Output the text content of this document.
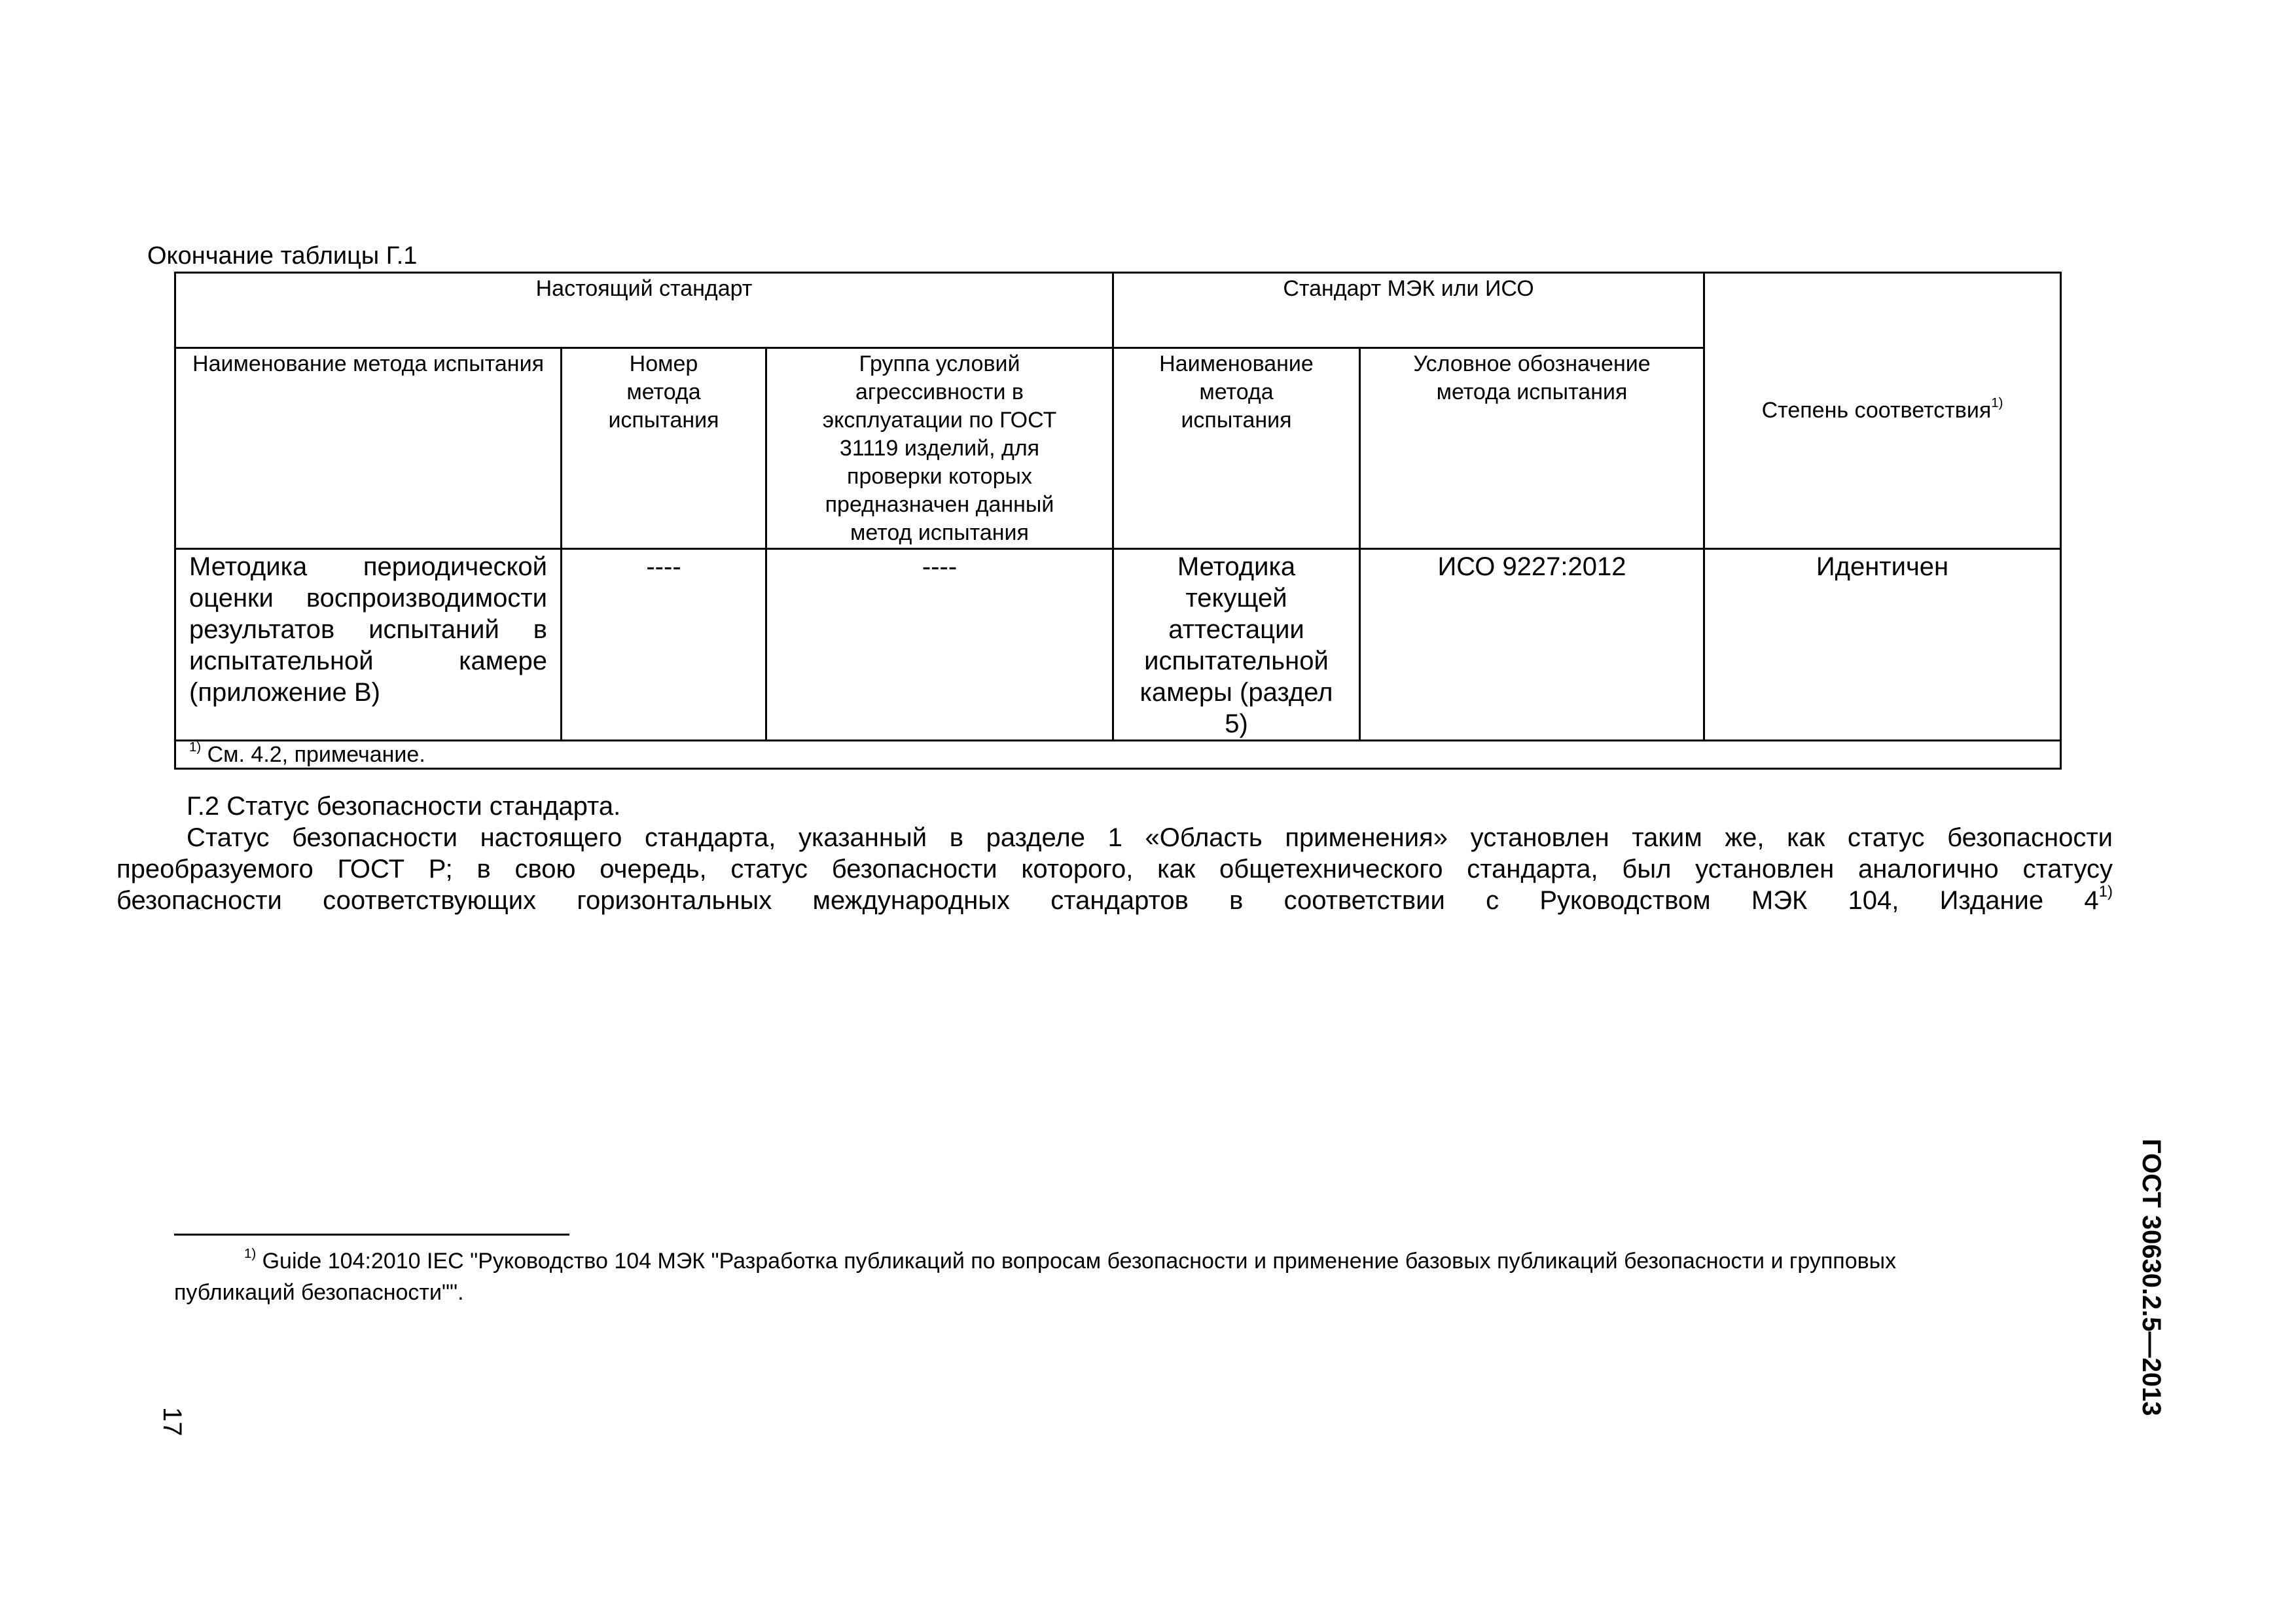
Окончание таблицы Г.1
Настоящий стандарт			Стандарт МЭК или ИСО		Степень соответствия$^{1)}$

Наименование метода испытания	Номер метода испытания	Группа условий агрессивности в эксплуатации по ГОСТ 31119 изделий, для проверки которых предназначен данный метод испытания	Наименование метода испытания	Условное обозначение метода испытания	

Методика периодической оценки воспроизводимости результатов испытаний в испытательной камере (приложение В)	----	----	Методика текущей аттестации испытательной камеры (раздел 5)	ИСО 9227:2012	Идентичен
$^{1)}$ См. 4.2, примечание.					
Г.2 Статус безопасности стандарта.
Статус безопасности настоящего стандарта, указанный в разделе 1 «Область применения» установлен таким же, как статус безопасности
преобразуемого ГОСТ Р; в свою очередь, статус безопасности которого, как общетехнического стандарта, был установлен аналогично статусу
безопасности соответствующих горизонтальных международных стандартов в соответствии с Руководством МЭК 104, Издание 4$^{1)}$
$^{1)}$ Guide 104:2010 IEC "Руководство 104 МЭК "Разработка публикаций по вопросам безопасности и применение базовых публикаций безопасности и групповых
публикаций безопасности"".	ГОСТ 30630.2.5—2013
17
